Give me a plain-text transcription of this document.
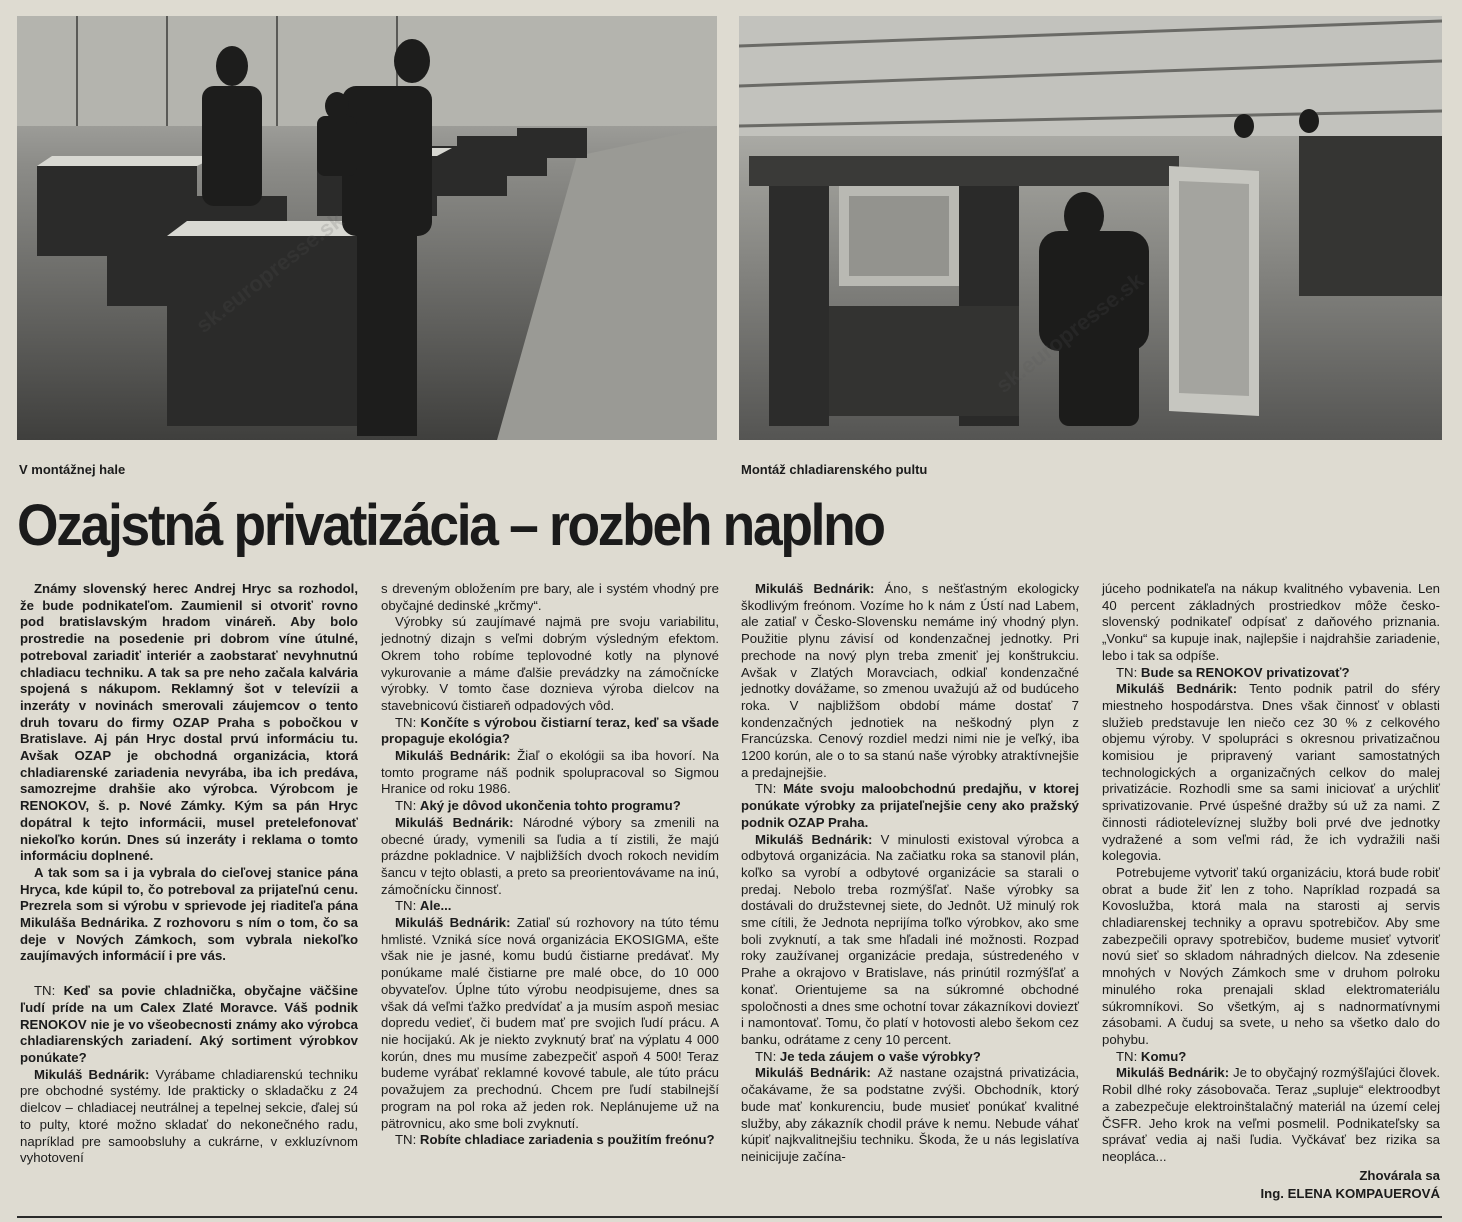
V montážnej hale	Montáž chladiarenského pultu
Ozajstná privatizácia – rozbeh naplno

Známy slovenský herec Andrej Hryc sa rozhodol, že bude podnikateľom. Zaumienil si otvoriť rovno pod bratislavským hradom vináreň. Aby bolo prostredie na posedenie pri dobrom víne útulné, potreboval zariadiť interiér a zaobstarať nevyhnutnú chladiacu techniku. A tak sa pre neho začala kalvária spojená s nákupom. Reklamný šot v televízii a inzeráty v novinách smerovali záujemcov o tento druh tovaru do firmy OZAP Praha s pobočkou v Bratislave. Aj pán Hryc dostal prvú informáciu tu. Avšak OZAP je obchodná organizácia, ktorá chladiarenské zariadenia nevyrába, iba ich predáva, samozrejme drahšie ako výrobca. Výrobcom je RENOKOV, š. p. Nové Zámky. Kým sa pán Hryc dopátral k tejto informácii, musel pretelefonovať niekoľko korún. Dnes sú inzeráty i reklama o tomto informáciu doplnené.

A tak som sa i ja vybrala do cieľovej stanice pána Hryca, kde kúpil to, čo potreboval za prijateľnú cenu. Prezrela som si výrobu v sprievode jej riaditeľa pána Mikuláša Bednárika. Z rozhovoru s ním o tom, čo sa deje v Nových Zámkoch, som vybrala niekoľko zaujímavých informácií i pre vás.

TN: Keď sa povie chladnička, obyčajne väčšine ľudí príde na um Calex Zlaté Moravce. Váš podnik RENOKOV nie je vo všeobecnosti známy ako výrobca chladiarenských zariadení. Aký sortiment výrobkov ponúkate?

Mikuláš Bednárik: Vyrábame chladiarenskú techniku pre obchodné systémy. Ide prakticky o skladačku z 24 dielcov – chladiacej neutrálnej a tepelnej sekcie, ďalej sú to pulty, ktoré možno skladať do nekonečného radu, napríklad pre samoobsluhy a cukrárne, v exkluzívnom vyhotovení

s dreveným obložením pre bary, ale i systém vhodný pre obyčajné dedinské „krčmy“.

Výrobky sú zaujímavé najmä pre svoju variabilitu, jednotný dizajn s veľmi dobrým výsledným efektom. Okrem toho robíme teplovodné kotly na plynové vykurovanie a máme ďalšie prevádzky na zámočnícke výrobky. V tomto čase doznieva výroba dielcov na stavebnicovú čistiareň odpadových vôd.

TN: Končíte s výrobou čistiarní teraz, keď sa všade propaguje ekológia?

Mikuláš Bednárik: Žiaľ o ekológii sa iba hovorí. Na tomto programe náš podnik spolupracoval so Sigmou Hranice od roku 1986.

TN: Aký je dôvod ukončenia tohto programu?

Mikuláš Bednárik: Národné výbory sa zmenili na obecné úrady, vymenili sa ľudia a tí zistili, že majú prázdne pokladnice. V najbližších dvoch rokoch nevidím šancu v tejto oblasti, a preto sa preorientovávame na inú, zámočnícku činnosť.

TN: Ale...

Mikuláš Bednárik: Zatiaľ sú rozhovory na túto tému hmlisté. Vzniká síce nová organizácia EKOSIGMA, ešte však nie je jasné, komu budú čistiarne predávať. My ponúkame malé čistiarne pre malé obce, do 10 000 obyvateľov. Úplne túto výrobu neodpisujeme, dnes sa však dá veľmi ťažko predvídať a ja musím aspoň mesiac dopredu vedieť, či budem mať pre svojich ľudí prácu. A nie hocijakú. Ak je niekto zvyknutý brať na výplatu 4 000 korún, dnes mu musíme zabezpečiť aspoň 4 500! Teraz budeme vyrábať reklamné kovové tabule, ale túto prácu považujem za prechodnú. Chcem pre ľudí stabilnejší program na pol roka až jeden rok. Neplánujeme už na pätrovnicu, ako sme boli zvyknutí.

TN: Robíte chladiace zariadenia s použitím freónu?

Mikuláš Bednárik: Áno, s nešťastným ekologicky škodlivým freónom. Vozíme ho k nám z Ústí nad Labem, ale zatiaľ v Česko-Slovensku nemáme iný vhodný plyn. Použitie plynu závisí od kondenzačnej jednotky. Pri prechode na nový plyn treba zmeniť jej konštrukciu. Avšak v Zlatých Moravciach, odkiaľ kondenzačné jednotky dovážame, so zmenou uvažujú až od budúceho roka. V najbližšom období máme dostať 7 kondenzačných jednotiek na neškodný plyn z Francúzska. Cenový rozdiel medzi nimi nie je veľký, iba 1200 korún, ale o to sa stanú naše výrobky atraktívnejšie a predajnejšie.

TN: Máte svoju maloobchodnú predajňu, v ktorej ponúkate výrobky za prijateľnejšie ceny ako pražský podnik OZAP Praha.

Mikuláš Bednárik: V minulosti existoval výrobca a odbytová organizácia. Na začiatku roka sa stanovil plán, koľko sa vyrobí a odbytové organizácie sa starali o predaj. Nebolo treba rozmýšľať. Naše výrobky sa dostávali do družstevnej siete, do Jednôt. Už minulý rok sme cítili, že Jednota neprijíma toľko výrobkov, ako sme boli zvyknutí, a tak sme hľadali iné možnosti. Rozpad roky zaužívanej organizácie predaja, sústredeného v Prahe a okrajovo v Bratislave, nás prinútil rozmýšľať a konať. Orientujeme sa na súkromné obchodné spoločnosti a dnes sme ochotní tovar zákazníkovi doviezť i namontovať. Tomu, čo platí v hotovosti alebo šekom cez banku, odrátame z ceny 10 percent.

TN: Je teda záujem o vaše výrobky?

Mikuláš Bednárik: Až nastane ozajstná privatizácia, očakávame, že sa podstatne zvýši. Obchodník, ktorý bude mať konkurenciu, bude musieť ponúkať kvalitné služby, aby zákazník chodil práve k nemu. Nebude váhať kúpiť najkvalitnejšiu techniku. Škoda, že u nás legislatíva neinicijuje začína-

júceho podnikateľa na nákup kvalitného vybavenia. Len 40 percent základných prostriedkov môže česko-slovenský podnikateľ odpísať z daňového priznania. „Vonku“ sa kupuje inak, najlepšie i najdrahšie zariadenie, lebo i tak sa odpíše.

TN: Bude sa RENOKOV privatizovať?

Mikuláš Bednárik: Tento podnik patril do sféry miestneho hospodárstva. Dnes však činnosť v oblasti služieb predstavuje len niečo cez 30 % z celkového objemu výroby. V spolupráci s okresnou privatizačnou komisiou je pripravený variant samostatných technologických a organizačných celkov do malej privatizácie. Rozhodli sme sa sami iniciovať a urýchliť sprivatizovanie. Prvé úspešné dražby sú už za nami. Z činnosti rádiotelevíznej služby boli prvé dve jednotky vydražené a som veľmi rád, že ich vydražili naši kolegovia.

Potrebujeme vytvoriť takú organizáciu, ktorá bude robiť obrat a bude žiť len z toho. Napríklad rozpadá sa Kovoslužba, ktorá mala na starosti aj servis chladiarenskej techniky a opravu spotrebičov. Aby sme zabezpečili opravy spotrebičov, budeme musieť vytvoriť novú sieť so skladom náhradných dielcov. Na zdesenie mnohých v Nových Zámkoch sme v druhom polroku minulého roka prenajali sklad elektromateriálu súkromníkovi. So všetkým, aj s nadnormatívnymi zásobami. A čuduj sa svete, u neho sa všetko dalo do pohybu.

TN: Komu?

Mikuláš Bednárik: Je to obyčajný rozmýšľajúci človek. Robil dlhé roky zásobovača. Teraz „supluje“ elektroodbyt a zabezpečuje elektroinštalačný materiál na území celej ČSFR. Jeho krok na veľmi posmelil. Podnikateľsky sa správať vedia aj naši ľudia. Vyčkávať bez rizika sa neopláca...

Zhovárala sa
Ing. ELENA KOMPAUEROVÁ
